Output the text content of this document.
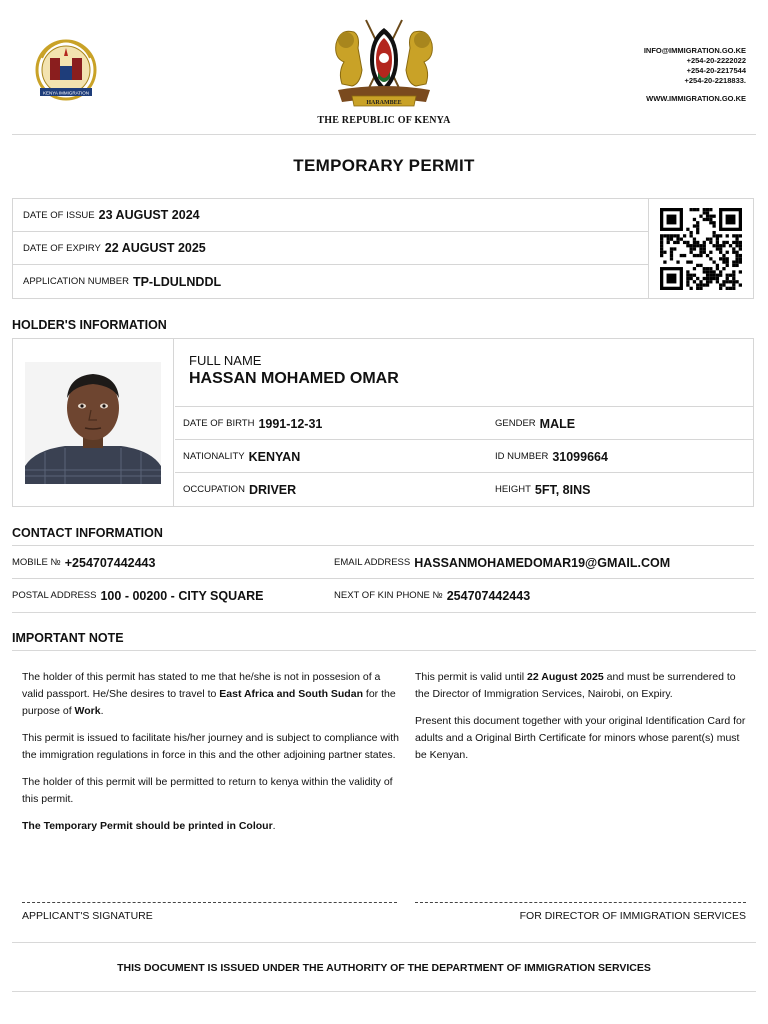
KENYA IMMIGRATION
HARAMBEE
THE REPUBLIC OF KENYA
INFO@IMMIGRATION.GO.KE
+254-20-2222022
+254-20-2217544
+254-20-2218833.
WWW.IMMIGRATION.GO.KE
TEMPORARY PERMIT
DATE OF ISSUE 23 AUGUST 2024
DATE OF EXPIRY 22 AUGUST 2025
APPLICATION NUMBER TP-LDULNDDL
HOLDER'S INFORMATION
FULL NAME
HASSAN MOHAMED OMAR
DATE OF BIRTH 1991-12-31	GENDER MALE
NATIONALITY KENYAN	ID NUMBER 31099664
OCCUPATION DRIVER	HEIGHT 5FT, 8INS
CONTACT INFORMATION
MOBILE № +254707442443	EMAIL ADDRESS HASSANMOHAMEDOMAR19@GMAIL.COM
POSTAL ADDRESS 100 - 00200 - CITY SQUARE	NEXT OF KIN PHONE № 254707442443
IMPORTANT NOTE

The holder of this permit has stated to me that he/she is not in possesion of a valid passport. He/She desires to travel to East Africa and South Sudan for the purpose of Work.

This permit is issued to facilitate his/her journey and is subject to compliance with the immigration regulations in force in this and the other adjoining partner states.

The holder of this permit will be permitted to return to kenya within the validity of this permit.

The Temporary Permit should be printed in Colour.

This permit is valid until 22 August 2025 and must be surrendered to the Director of Immigration Services, Nairobi, on Expiry.

Present this document together with your original Identification Card for adults and a Original Birth Certificate for minors whose parent(s) must be Kenyan.

APPLICANT'S SIGNATURE	FOR DIRECTOR OF IMMIGRATION SERVICES
THIS DOCUMENT IS ISSUED UNDER THE AUTHORITY OF THE DEPARTMENT OF IMMIGRATION SERVICES
